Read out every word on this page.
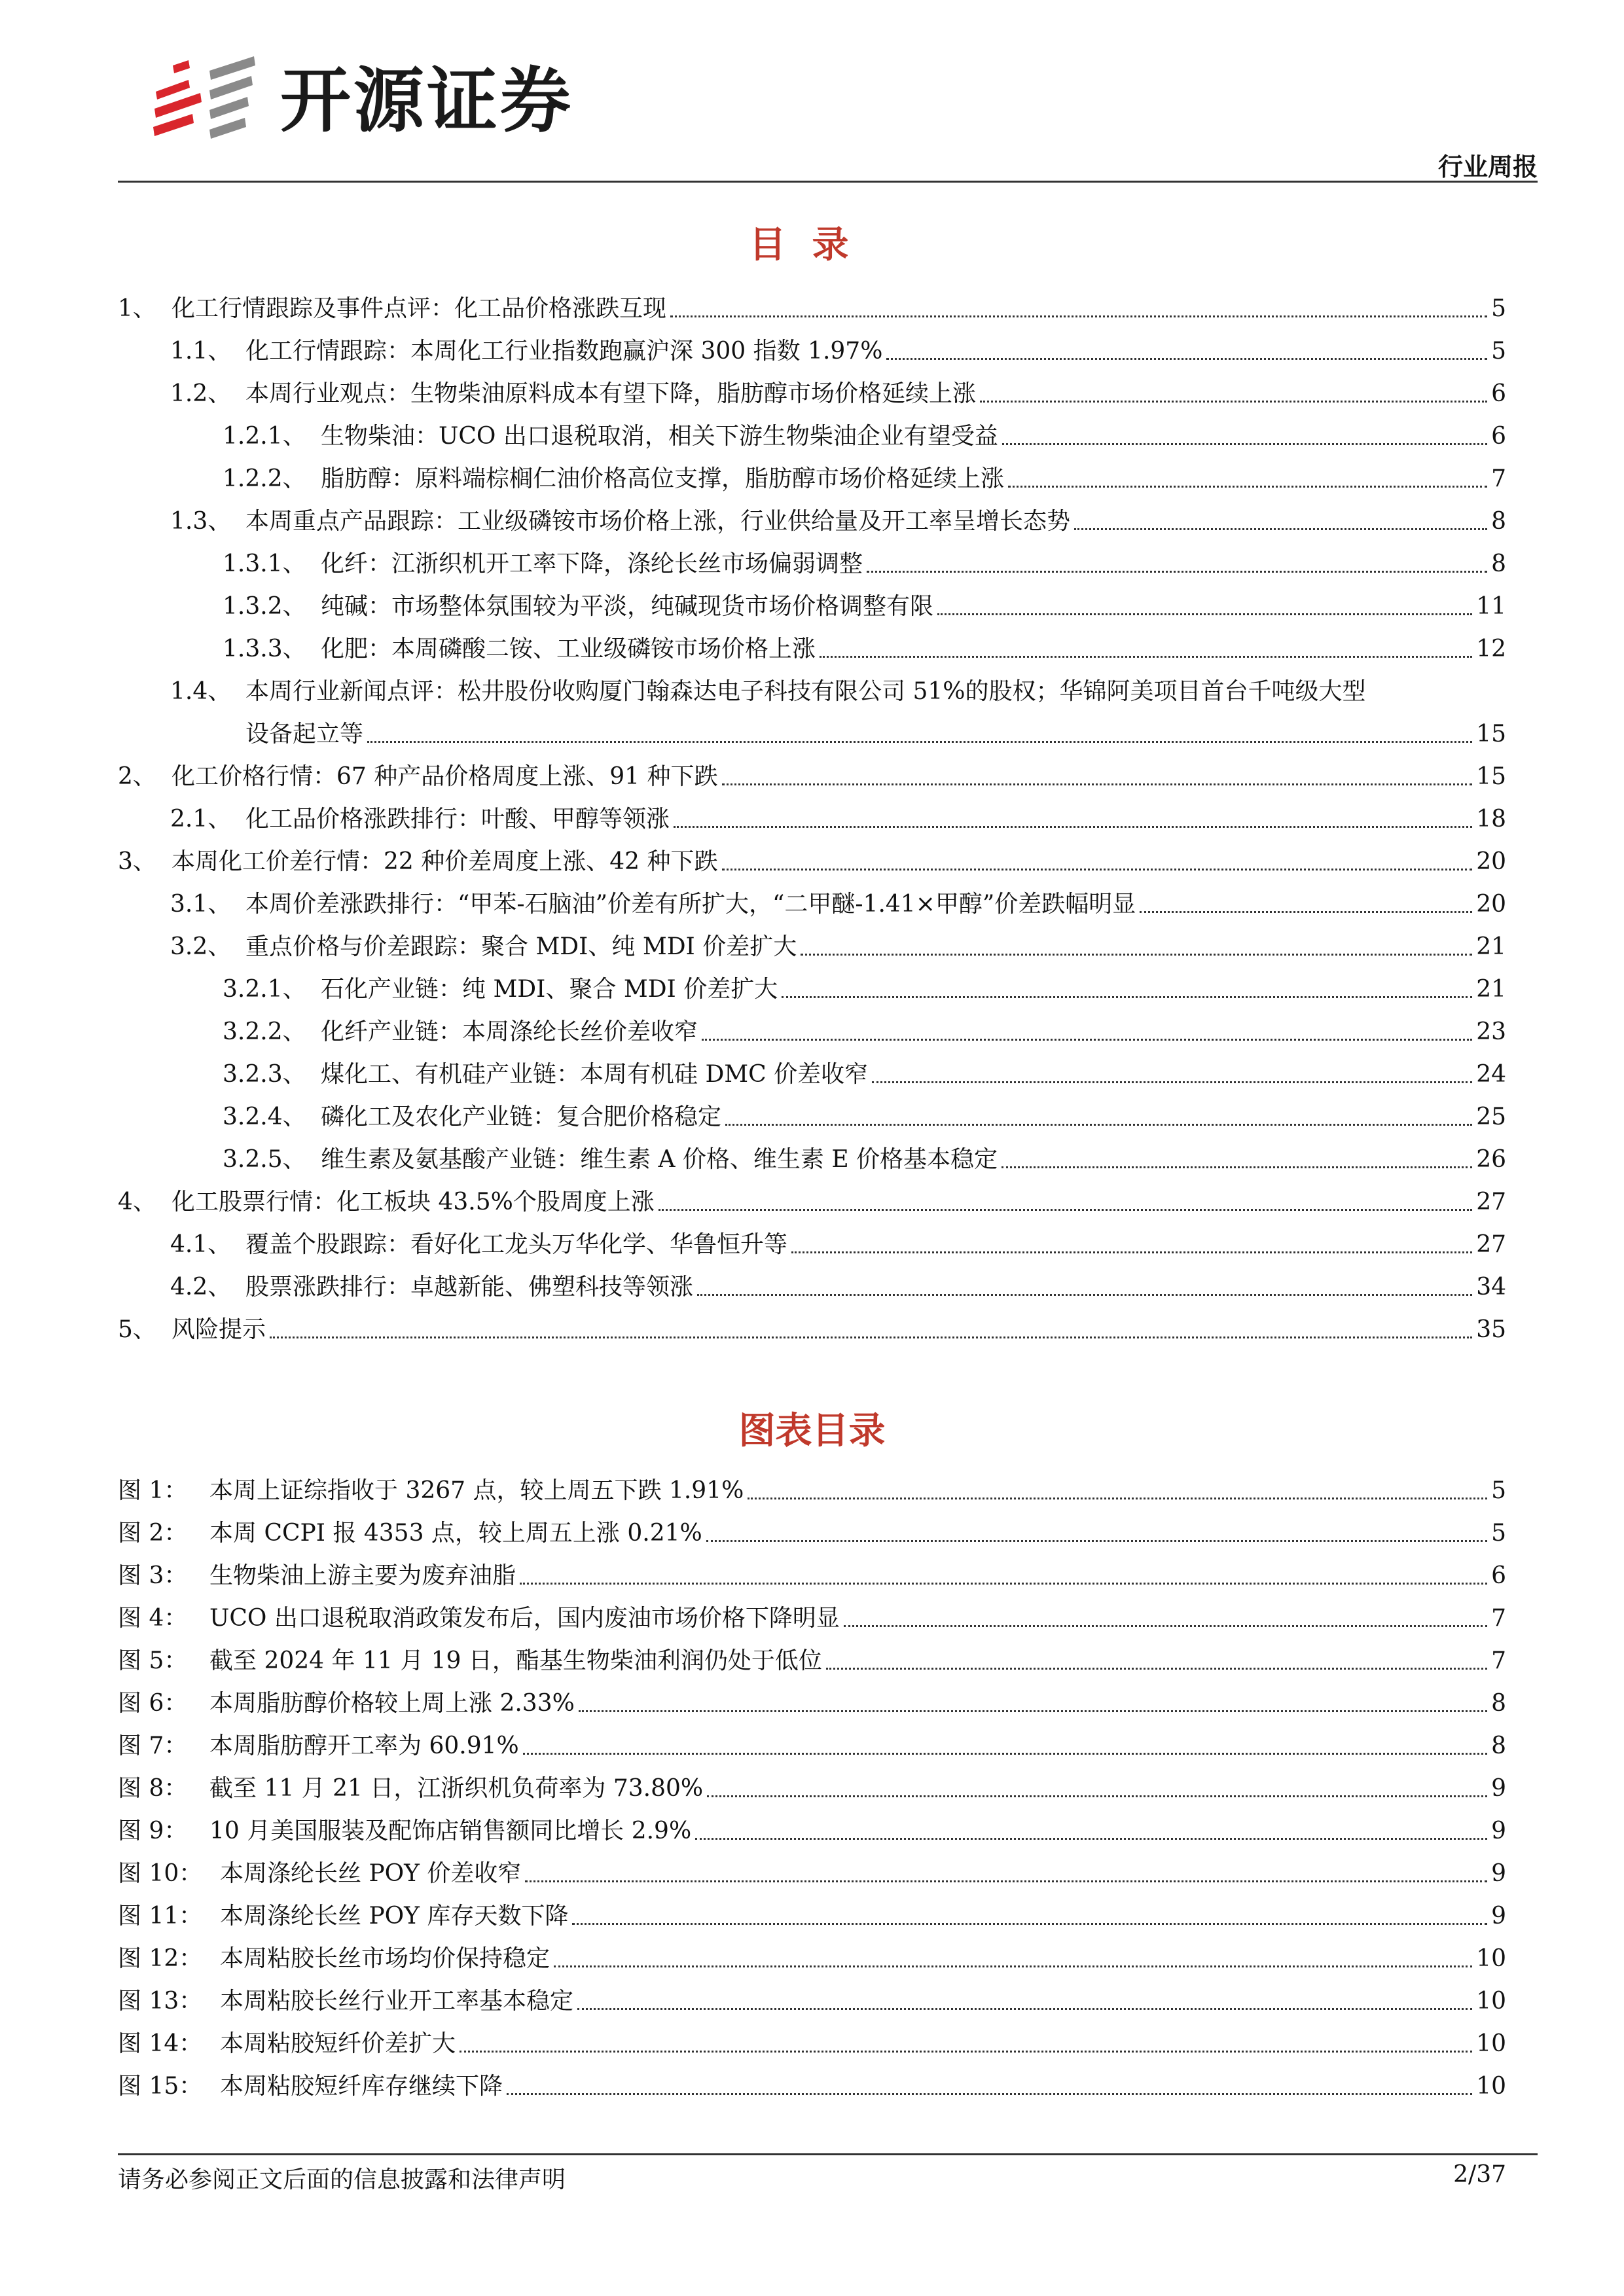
开源证券
行业周报
目录
1、 化工行情跟踪及事件点评：化工品价格涨跌互现	5
1.1、 化工行情跟踪：本周化工行业指数跑赢沪深 300 指数 1.97%	5
1.2、 本周行业观点：生物柴油原料成本有望下降，脂肪醇市场价格延续上涨	6
1.2.1、 生物柴油：UCO 出口退税取消，相关下游生物柴油企业有望受益	6
1.2.2、 脂肪醇：原料端棕榈仁油价格高位支撑，脂肪醇市场价格延续上涨	7
1.3、 本周重点产品跟踪：工业级磷铵市场价格上涨，行业供给量及开工率呈增长态势	8
1.3.1、 化纤：江浙织机开工率下降，涤纶长丝市场偏弱调整	8
1.3.2、 纯碱：市场整体氛围较为平淡，纯碱现货市场价格调整有限	11
1.3.3、 化肥：本周磷酸二铵、工业级磷铵市场价格上涨	12
1.4、 本周行业新闻点评：松井股份收购厦门翰森达电子科技有限公司 51%的股权；华锦阿美项目首台千吨级大型
设备起立等	15
2、 化工价格行情：67 种产品价格周度上涨、91 种下跌	15
2.1、 化工品价格涨跌排行：叶酸、甲醇等领涨	18
3、 本周化工价差行情：22 种价差周度上涨、42 种下跌	20
3.1、 本周价差涨跌排行：“甲苯-石脑油”价差有所扩大，“二甲醚-1.41×甲醇”价差跌幅明显	20
3.2、 重点价格与价差跟踪：聚合 MDI、纯 MDI 价差扩大	21
3.2.1、 石化产业链：纯 MDI、聚合 MDI 价差扩大	21
3.2.2、 化纤产业链：本周涤纶长丝价差收窄	23
3.2.3、 煤化工、有机硅产业链：本周有机硅 DMC 价差收窄	24
3.2.4、 磷化工及农化产业链：复合肥价格稳定	25
3.2.5、 维生素及氨基酸产业链：维生素 A 价格、维生素 E 价格基本稳定	26
4、 化工股票行情：化工板块 43.5%个股周度上涨	27
4.1、 覆盖个股跟踪：看好化工龙头万华化学、华鲁恒升等	27
4.2、 股票涨跌排行：卓越新能、佛塑科技等领涨	34
5、 风险提示	35
图表目录
图 1： 本周上证综指收于 3267 点，较上周五下跌 1.91%	5
图 2： 本周 CCPI 报 4353 点，较上周五上涨 0.21%	5
图 3： 生物柴油上游主要为废弃油脂	6
图 4： UCO 出口退税取消政策发布后，国内废油市场价格下降明显	7
图 5： 截至 2024 年 11 月 19 日，酯基生物柴油利润仍处于低位	7
图 6： 本周脂肪醇价格较上周上涨 2.33%	8
图 7： 本周脂肪醇开工率为 60.91%	8
图 8： 截至 11 月 21 日，江浙织机负荷率为 73.80%	9
图 9： 10 月美国服装及配饰店销售额同比增长 2.9%	9
图 10： 本周涤纶长丝 POY 价差收窄	9
图 11： 本周涤纶长丝 POY 库存天数下降	9
图 12： 本周粘胶长丝市场均价保持稳定	10
图 13： 本周粘胶长丝行业开工率基本稳定	10
图 14： 本周粘胶短纤价差扩大	10
图 15： 本周粘胶短纤库存继续下降	10
请务必参阅正文后面的信息披露和法律声明	2/37
